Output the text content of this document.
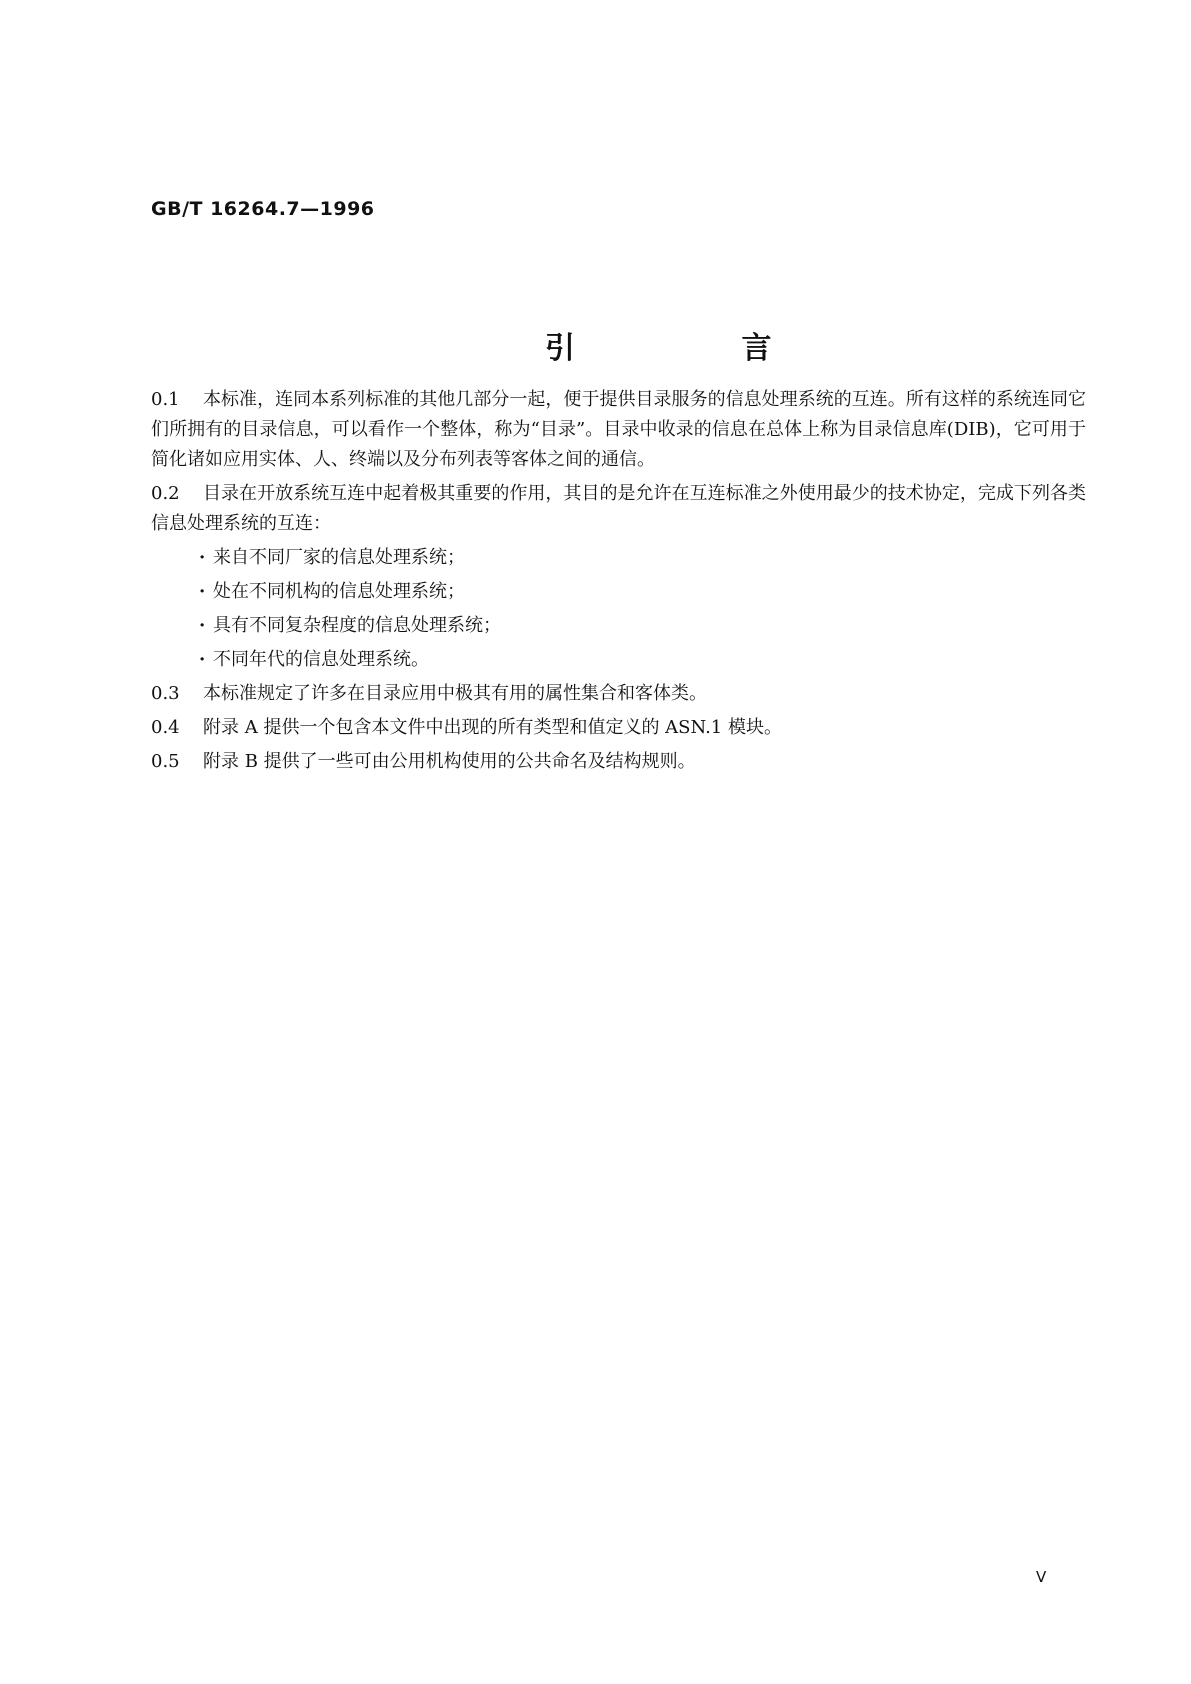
GB/T 16264.7—1996
引 言

0.1 本标准，连同本系列标准的其他几部分一起，便于提供目录服务的信息处理系统的互连。所有这样的系统连同它们所拥有的目录信息，可以看作一个整体，称为“目录”。目录中收录的信息在总体上称为目录信息库(DIB)，它可用于简化诸如应用实体、人、终端以及分布列表等客体之间的通信。

0.2 目录在开放系统互连中起着极其重要的作用，其目的是允许在互连标准之外使用最少的技术协定，完成下列各类信息处理系统的互连：

· 来自不同厂家的信息处理系统；
· 处在不同机构的信息处理系统；
· 具有不同复杂程度的信息处理系统；
· 不同年代的信息处理系统。

0.3 本标准规定了许多在目录应用中极其有用的属性集合和客体类。

0.4 附录 A 提供一个包含本文件中出现的所有类型和值定义的 ASN.1 模块。

0.5 附录 B 提供了一些可由公用机构使用的公共命名及结构规则。

V
